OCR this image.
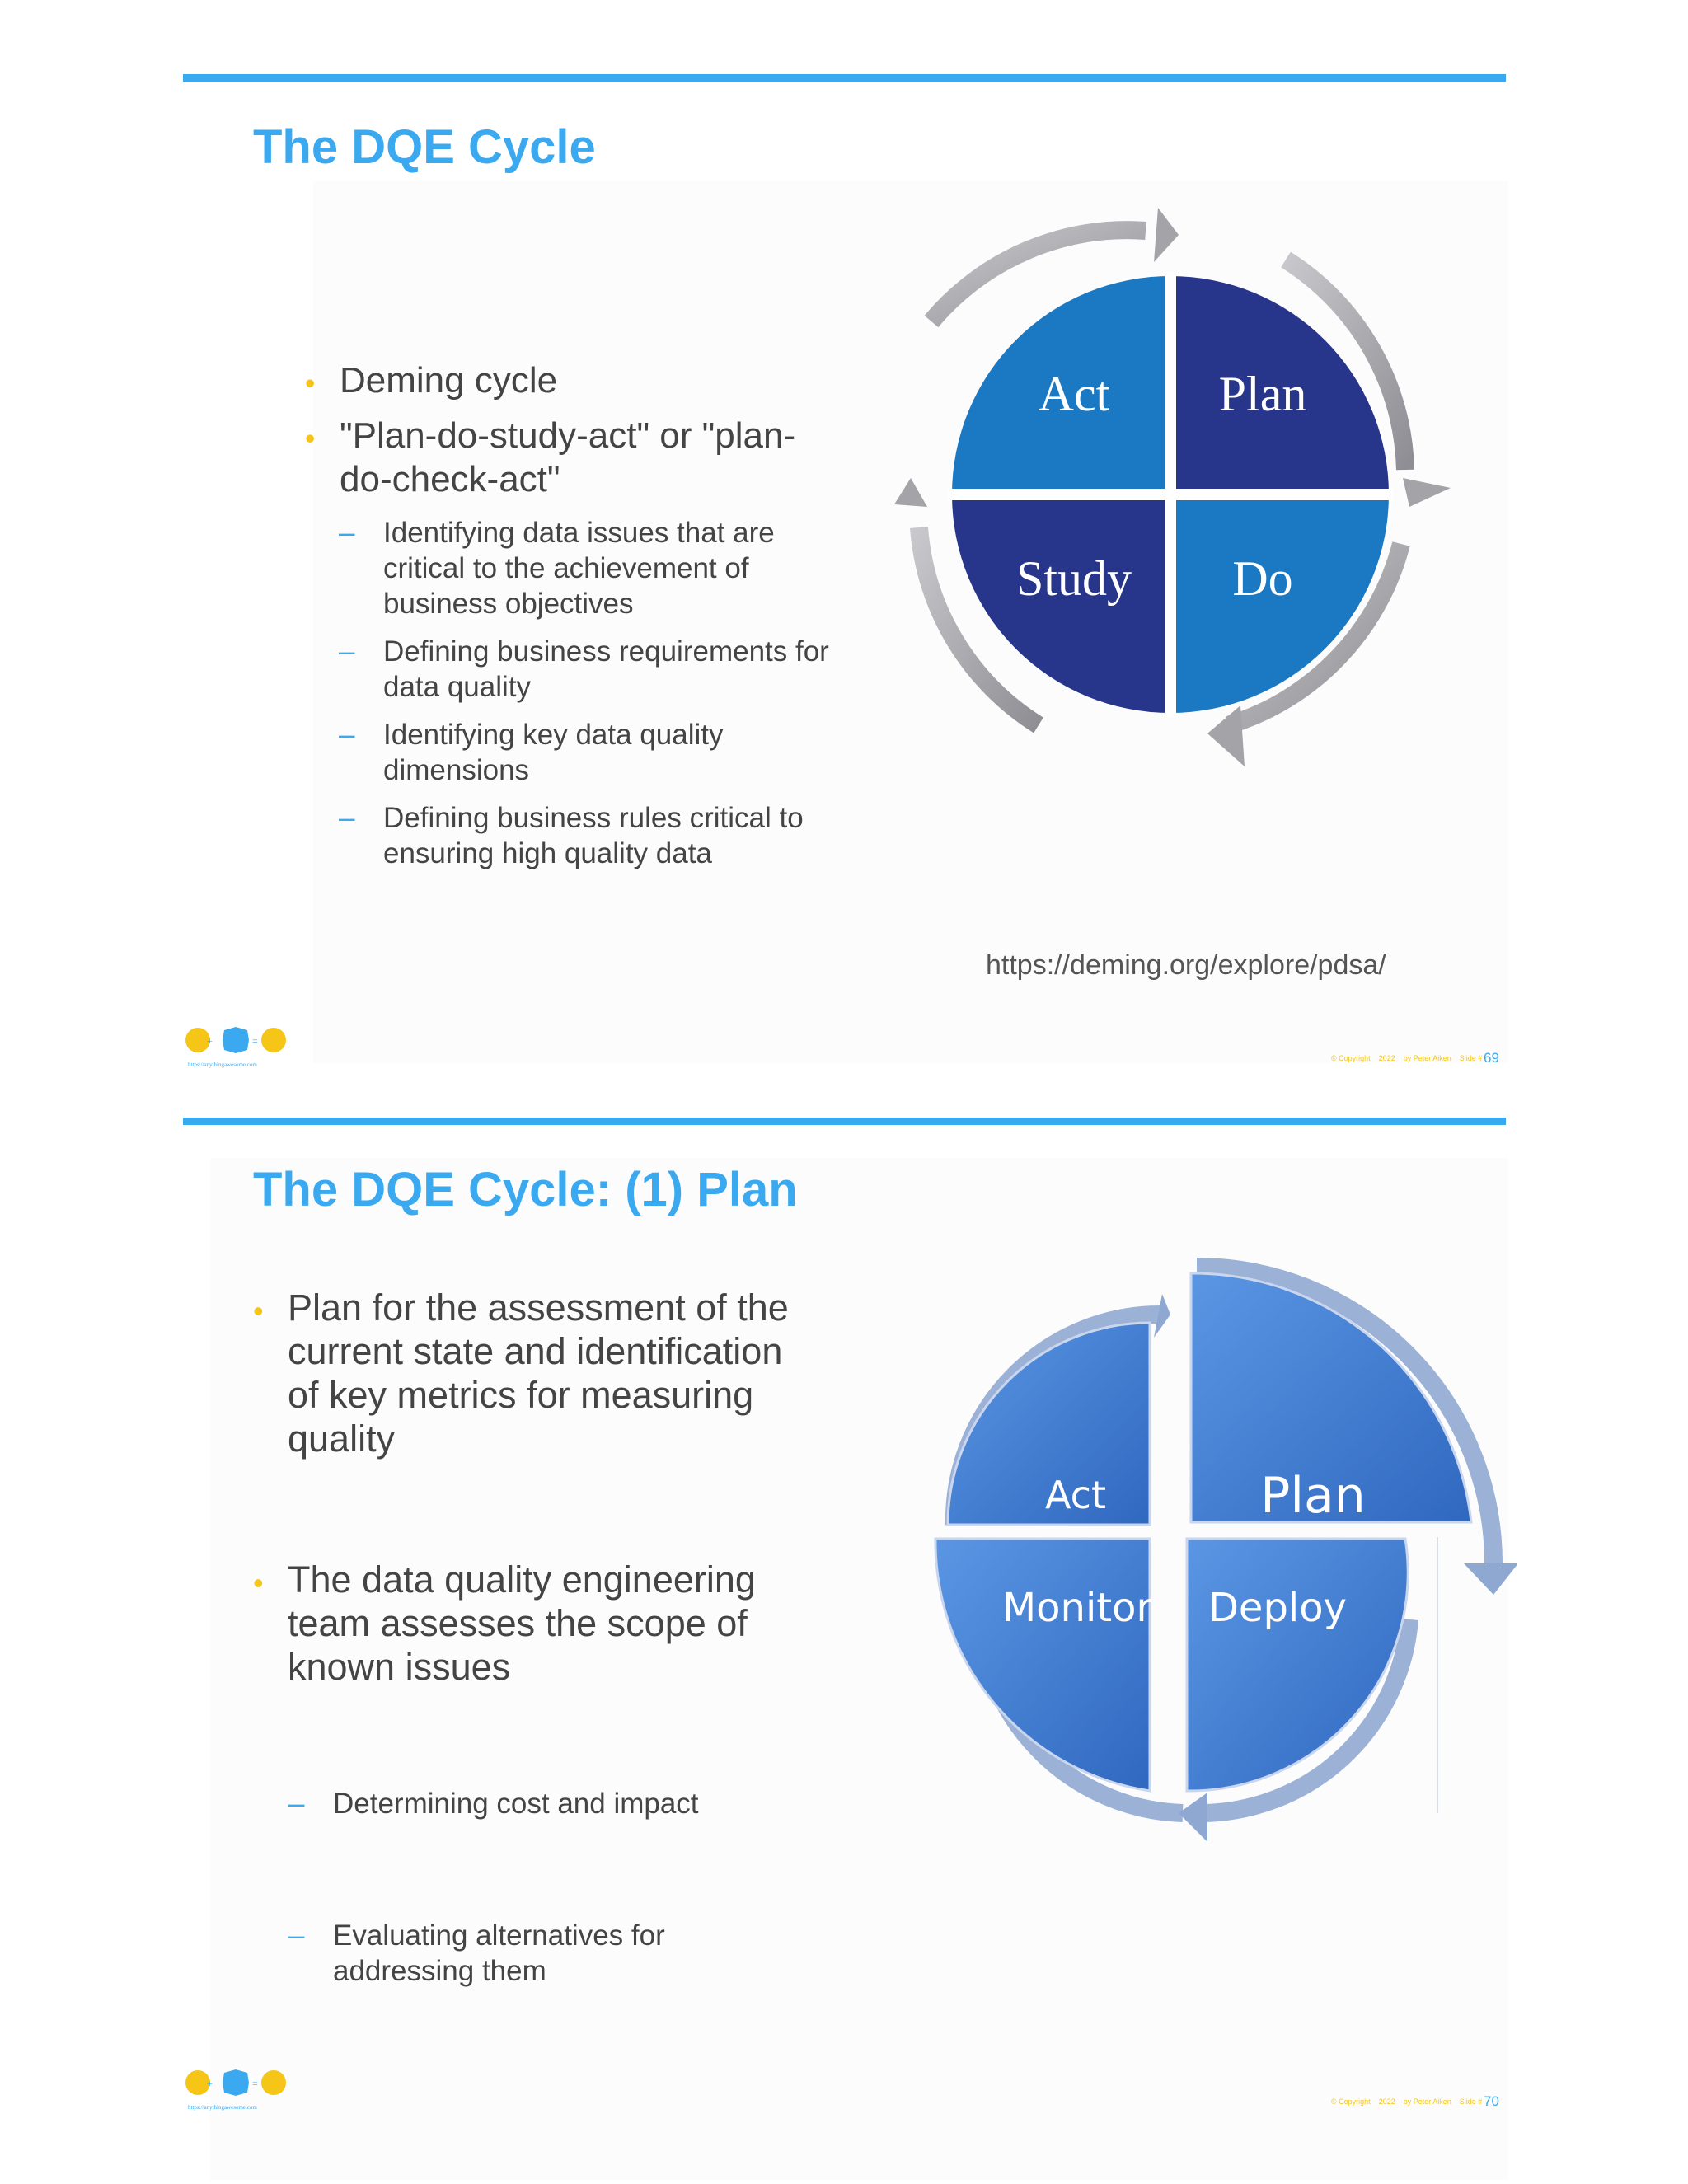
The DQE Cycle
• Deming cycle
• "Plan-do-study-act" or "plan-do-check-act"
– Identifying data issues that are critical to the achievement of business objectives
– Defining business requirements for data quality
– Identifying key data quality dimensions
– Defining business rules critical to ensuring high quality data
Act Plan
Study Do
https://deming.org/explore/pdsa/
+	=
https://anythingawesome.com
© Copyright 2022 by Peter Aiken Slide # 69
The DQE Cycle: (1) Plan
• Plan for the assessment of the current state and identification of key metrics for measuring quality
• The data quality engineering team assesses the scope of known issues
– Determining cost and impact
– Evaluating alternatives for addressing them
Act	Plan
Monitor Deploy
+	=
https://anythingawesome.com
© Copyright 2022 by Peter Aiken Slide # 70
